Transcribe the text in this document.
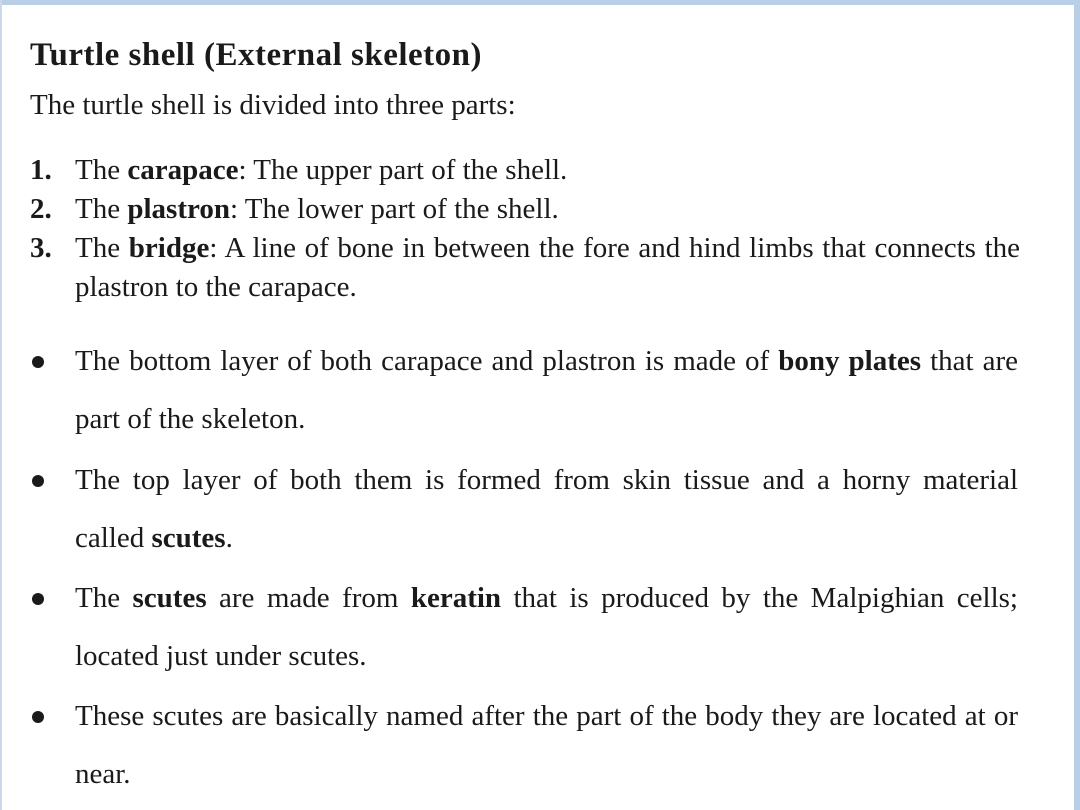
Turtle shell (External skeleton)

The turtle shell is divided into three parts:

1. The carapace: The upper part of the shell.
2. The plastron: The lower part of the shell.
3. The bridge: A line of bone in between the fore and hind limbs that connects the plastron to the carapace.
The bottom layer of both carapace and plastron is made of bony plates that are part of the skeleton.
The top layer of both them is formed from skin tissue and a horny material called scutes.
The scutes are made from keratin that is produced by the Malpighian cells; located just under scutes.
These scutes are basically named after the part of the body they are located at or near.
